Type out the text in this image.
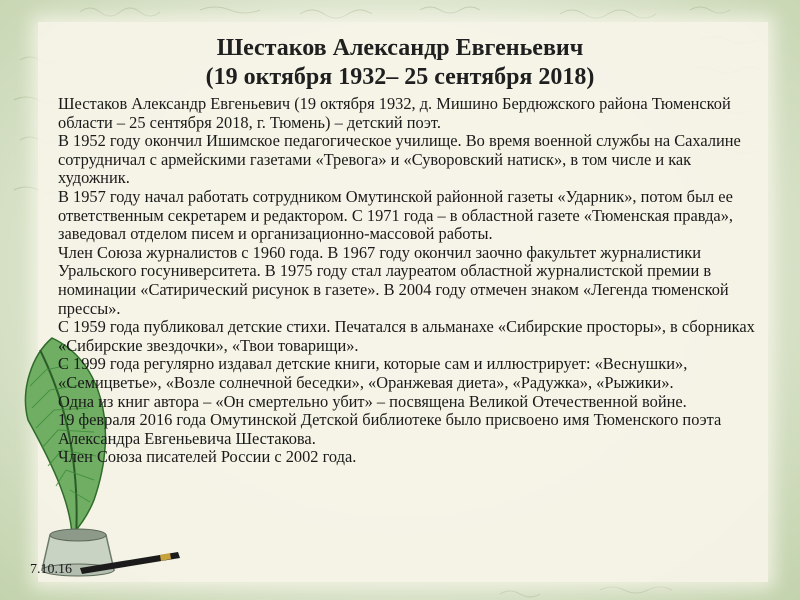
Шестаков Александр Евгеньевич
(19 октября 1932– 25 сентября 2018)

Шестаков Александр Евгеньевич (19 октября 1932, д. Мишино Бердюжского района Тюменской области – 25 сентября 2018, г. Тюмень) – детский поэт.

В 1952 году окончил Ишимское педагогическое училище. Во время военной службы на Сахалине сотрудничал с армейскими газетами «Тревога» и «Суворовский натиск», в том числе и как художник.

В 1957 году начал работать сотрудником Омутинской районной газеты «Ударник», потом был ее ответственным секретарем и редактором. С 1971 года – в областной газете «Тюменская правда», заведовал отделом писем и организационно-массовой работы.

Член Союза журналистов с 1960 года. В 1967 году окончил заочно факультет журналистики Уральского госуниверситета. В 1975 году стал лауреатом областной журналистской премии в номинации «Сатирический рисунок в газете». В 2004 году отмечен знаком «Легенда тюменской прессы».

С 1959 года публиковал детские стихи. Печатался в альманахе «Сибирские просторы», в сборниках «Сибирские звездочки», «Твои товарищи».

С 1999 года регулярно издавал детские книги, которые сам и иллюстрирует: «Веснушки», «Семицветье», «Возле солнечной беседки», «Оранжевая диета», «Радужка», «Рыжики».

Одна из книг автора – «Он смертельно убит» – посвящена Великой Отечественной войне.

19 февраля 2016 года Омутинской Детской библиотеке было присвоено имя Тюменского поэта Александра Евгеньевича Шестакова.

Член Союза писателей России с 2002 года.

7.10.16
